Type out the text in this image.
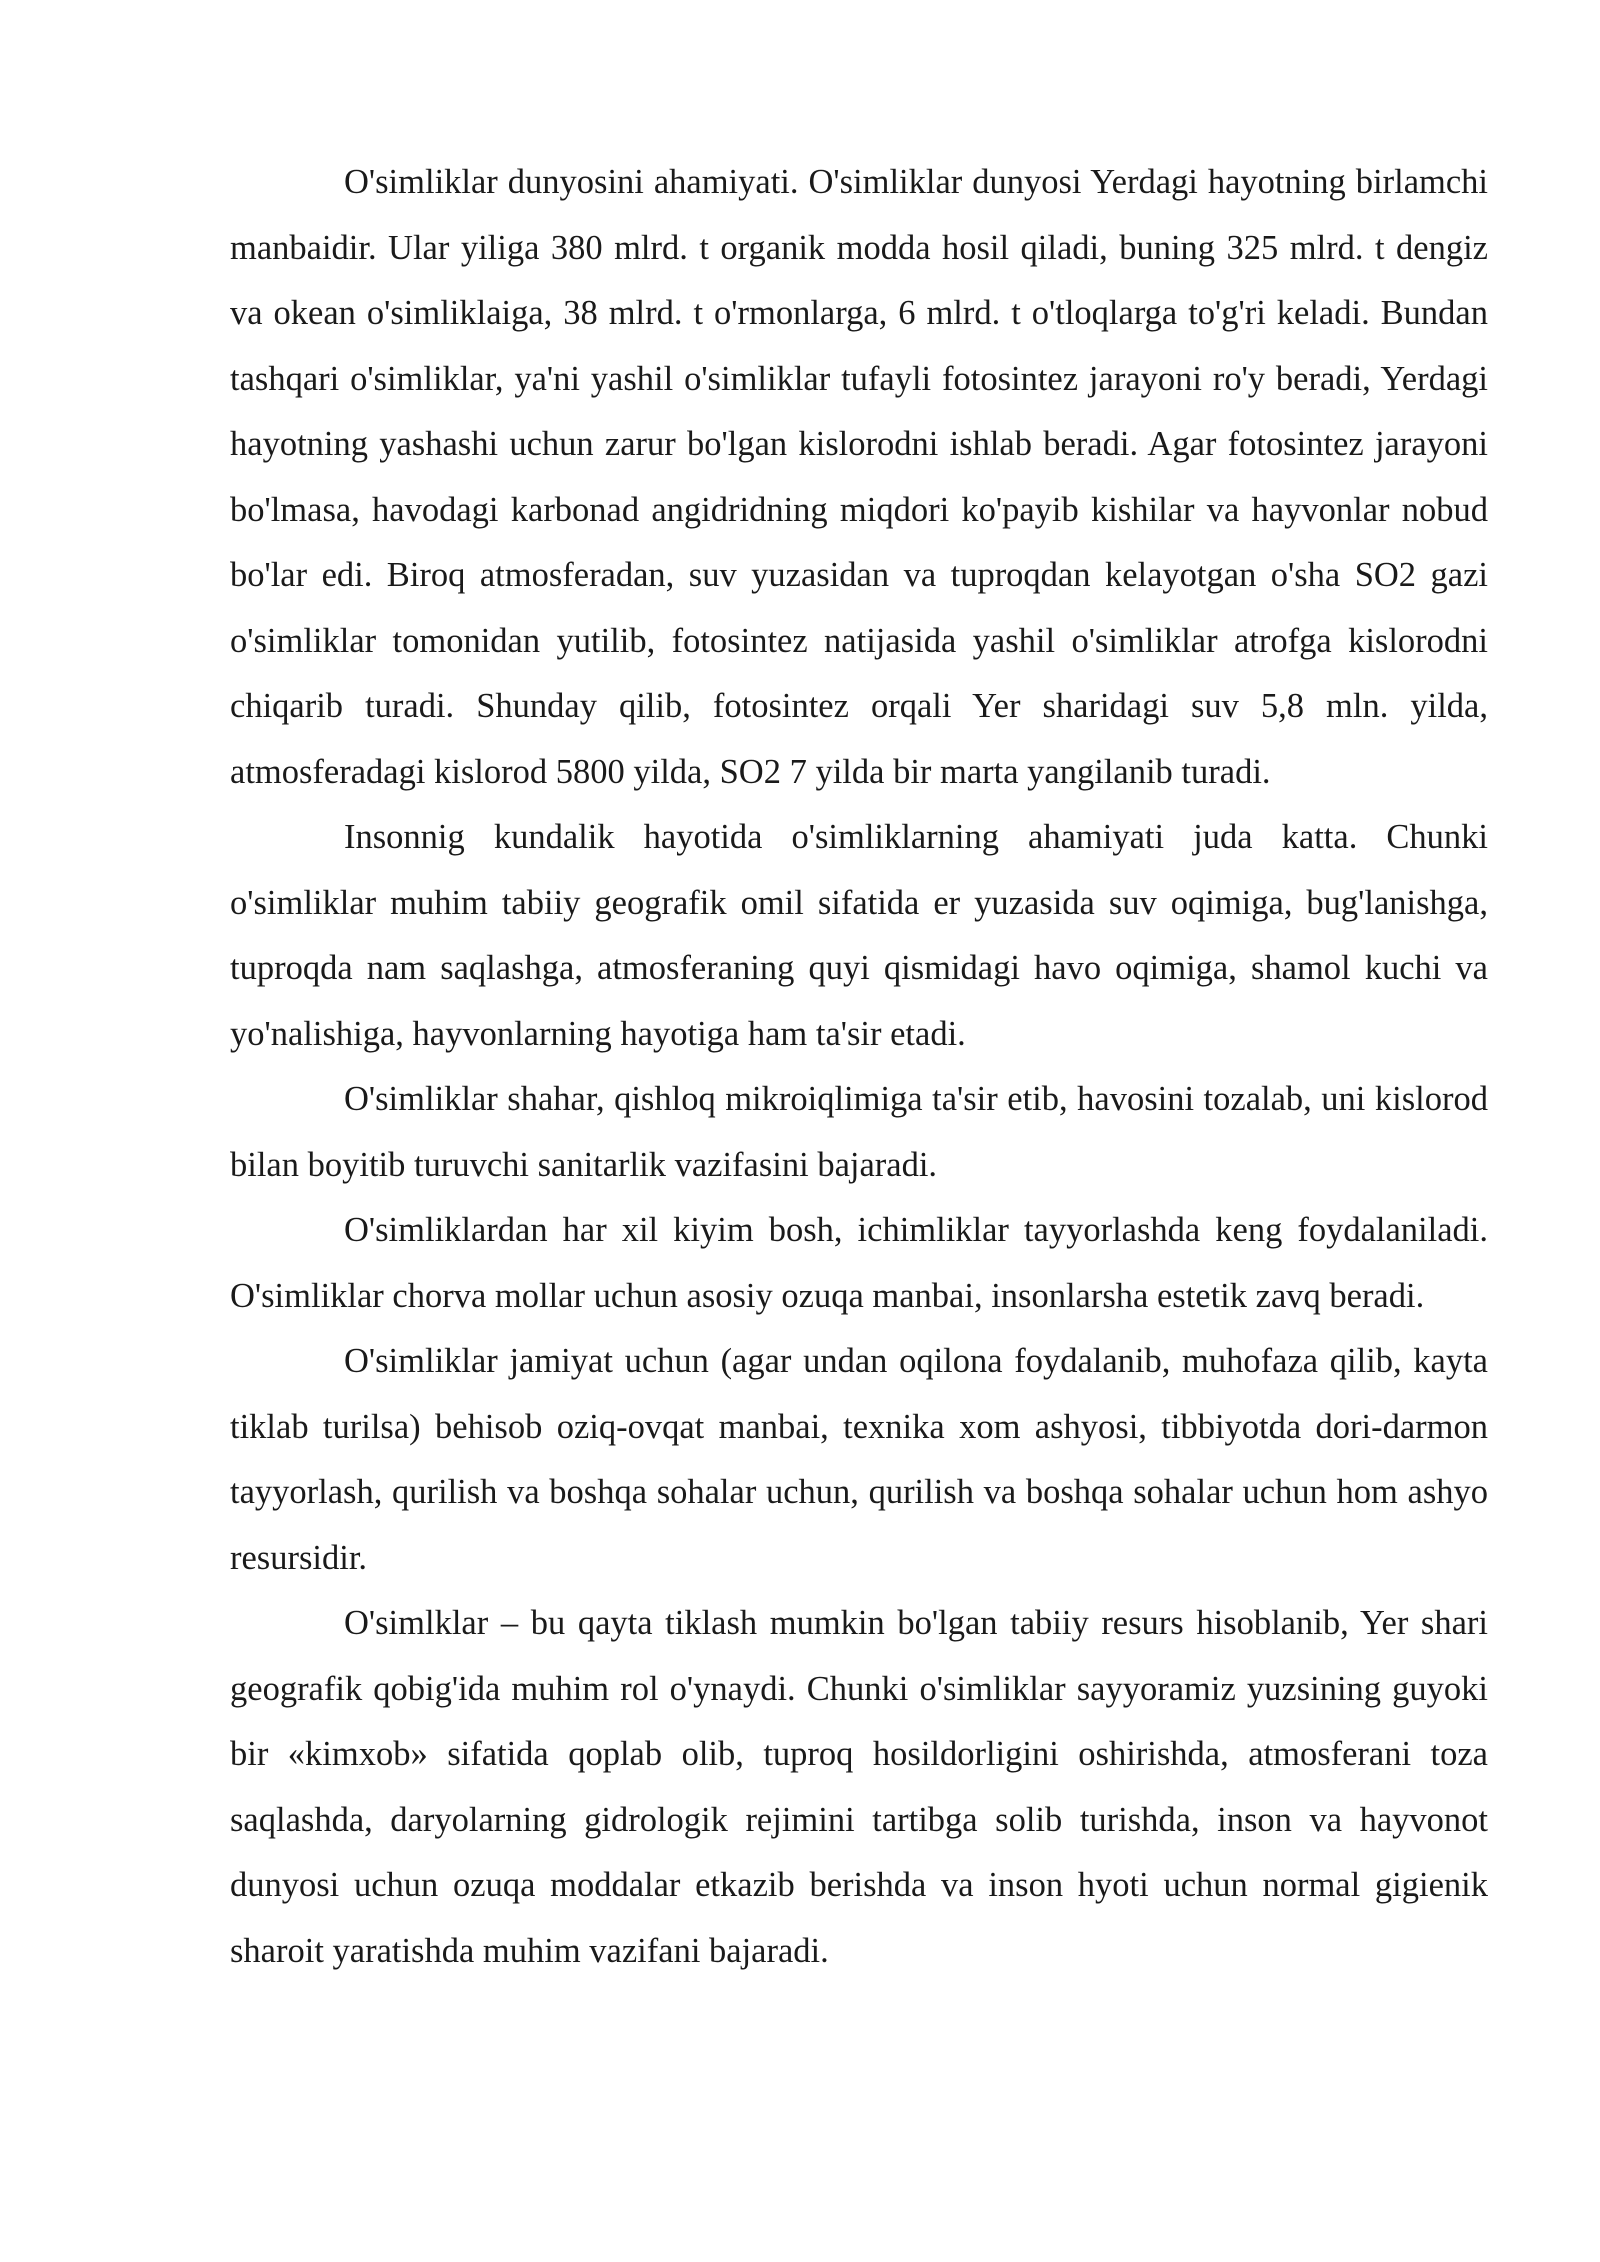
O'simliklar dunyosini ahamiyati. O'simliklar dunyosi Yerdagi hayotning birlamchi manbaidir. Ular yiliga 380 mlrd. t organik modda hosil qiladi, buning 325 mlrd. t dengiz va okean o'simliklaiga, 38 mlrd. t o'rmonlarga, 6 mlrd. t o'tloqlarga to'g'ri keladi. Bundan tashqari o'simliklar, ya'ni yashil o'simliklar tufayli fotosintez jarayoni ro'y beradi, Yerdagi hayotning yashashi uchun zarur bo'lgan kislorodni ishlab beradi. Agar fotosintez jarayoni bo'lmasa, havodagi karbonad angidridning miqdori ko'payib kishilar va hayvonlar nobud bo'lar edi. Biroq atmosferadan, suv yuzasidan va tuproqdan kelayotgan o'sha SO2 gazi o'simliklar tomonidan yutilib, fotosintez natijasida yashil o'simliklar atrofga kislorodni chiqarib turadi. Shunday qilib, fotosintez orqali Yer sharidagi suv 5,8 mln. yilda, atmosferadagi kislorod 5800 yilda, SO2 7 yilda bir marta yangilanib turadi.

Insonnig kundalik hayotida o'simliklarning ahamiyati juda katta. Chunki o'simliklar muhim tabiiy geografik omil sifatida er yuzasida suv oqimiga, bug'lanishga, tuproqda nam saqlashga, atmosferaning quyi qismidagi havo oqimiga, shamol kuchi va yo'nalishiga, hayvonlarning hayotiga ham ta'sir etadi.

O'simliklar shahar, qishloq mikroiqlimiga ta'sir etib, havosini tozalab, uni kislorod bilan boyitib turuvchi sanitarlik vazifasini bajaradi.

O'simliklardan har xil kiyim bosh, ichimliklar tayyorlashda keng foydalaniladi. O'simliklar chorva mollar uchun asosiy ozuqa manbai, insonlarsha estetik zavq beradi.

O'simliklar jamiyat uchun (agar undan oqilona foydalanib, muhofaza qilib, kayta tiklab turilsa) behisob oziq-ovqat manbai, texnika xom ashyosi, tibbiyotda dori-darmon tayyorlash, qurilish va boshqa sohalar uchun, qurilish va boshqa sohalar uchun hom ashyo resursidir.

O'simlklar – bu qayta tiklash mumkin bo'lgan tabiiy resurs hisoblanib, Yer shari geografik qobig'ida muhim rol o'ynaydi. Chunki o'simliklar sayyoramiz yuzsining guyoki bir «kimxob» sifatida qoplab olib, tuproq hosildorligini oshirishda, atmosferani toza saqlashda, daryolarning gidrologik rejimini tartibga solib turishda, inson va hayvonot dunyosi uchun ozuqa moddalar etkazib berishda va inson hyoti uchun normal gigienik sharoit yaratishda muhim vazifani bajaradi.
